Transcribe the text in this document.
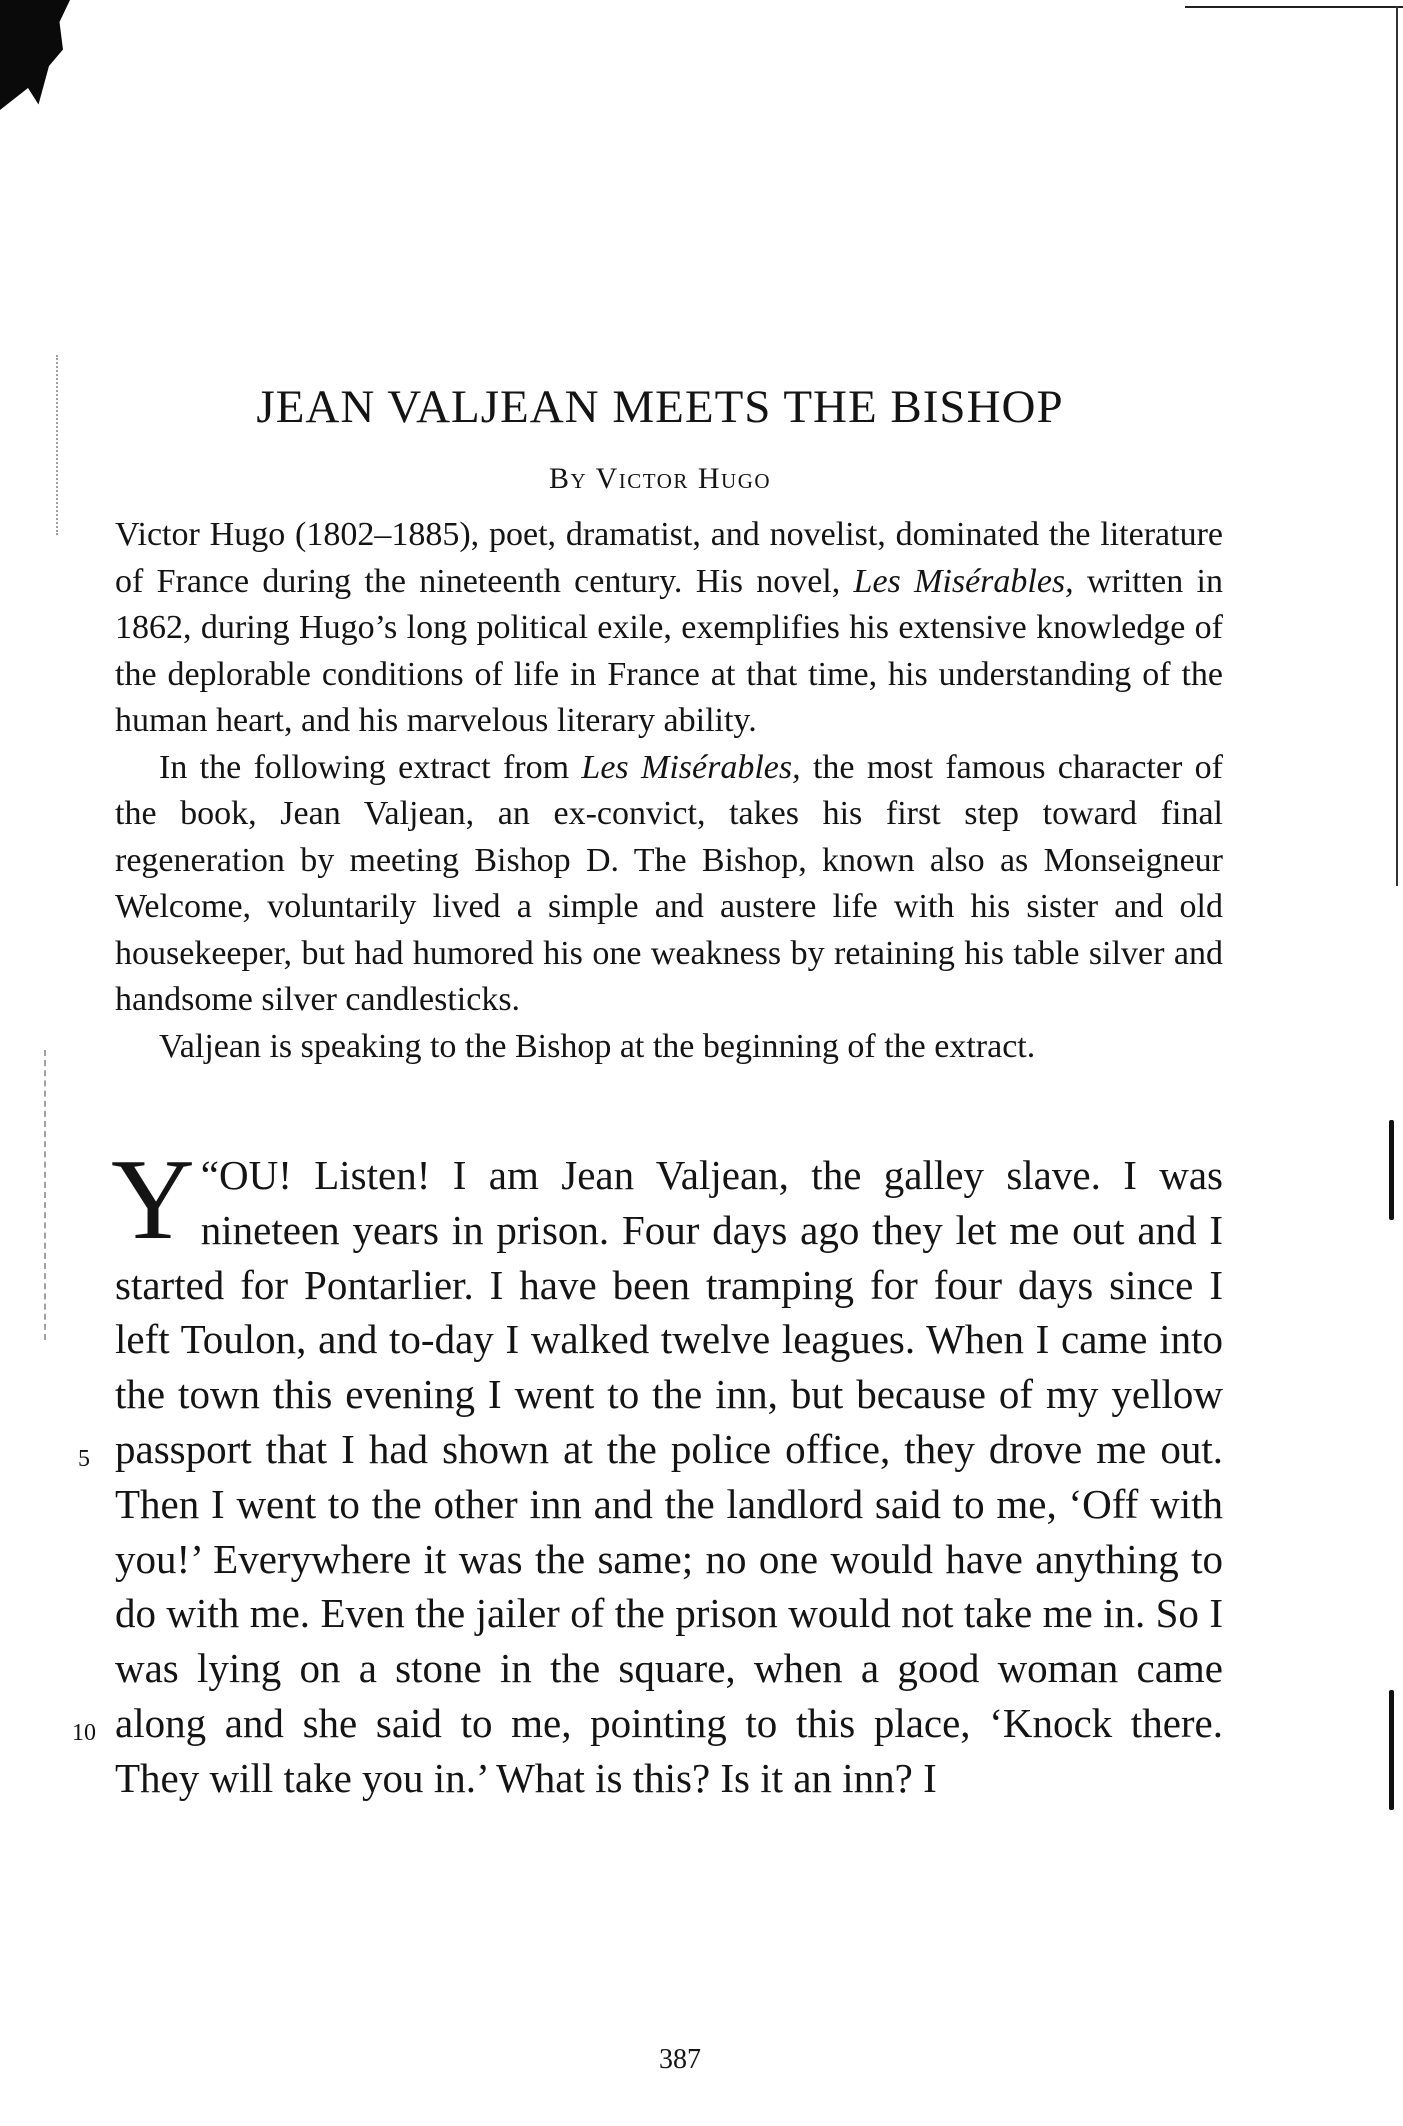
JEAN VALJEAN MEETS THE BISHOP
By Victor Hugo

Victor Hugo (1802–1885), poet, dramatist, and novelist, dominated the literature of France during the nineteenth century. His novel, Les Misérables, written in 1862, during Hugo’s long political exile, exemplifies his extensive knowledge of the deplorable conditions of life in France at that time, his understanding of the human heart, and his marvelous literary ability.

In the following extract from Les Misérables, the most famous character of the book, Jean Valjean, an ex-convict, takes his first step toward final regeneration by meeting Bishop D. The Bishop, known also as Monseigneur Welcome, voluntarily lived a simple and austere life with his sister and old housekeeper, but had humored his one weakness by retaining his table silver and handsome silver candlesticks.

Valjean is speaking to the Bishop at the beginning of the extract.

“
Y OU! Listen! I am Jean Valjean, the galley slave. I was nineteen years in prison. Four days ago they let me out and I started for Pontarlier. I have been tramping for four days since I left Toulon, and to-day I walked twelve leagues. When I came into the town this evening I went to the inn, but because of my yellow passport that I had shown at the police office, they drove me out. Then I went to the other inn and the landlord said to me, ‘Off with you!’ Everywhere it was the same; no one would have anything to do with me. Even the jailer of the prison would not take me in. So I was lying on a stone in the square, when a good woman came along and she said to me, pointing to this place, ‘Knock there. They will take you in.’ What is this? Is it an inn? I

5
10
387
